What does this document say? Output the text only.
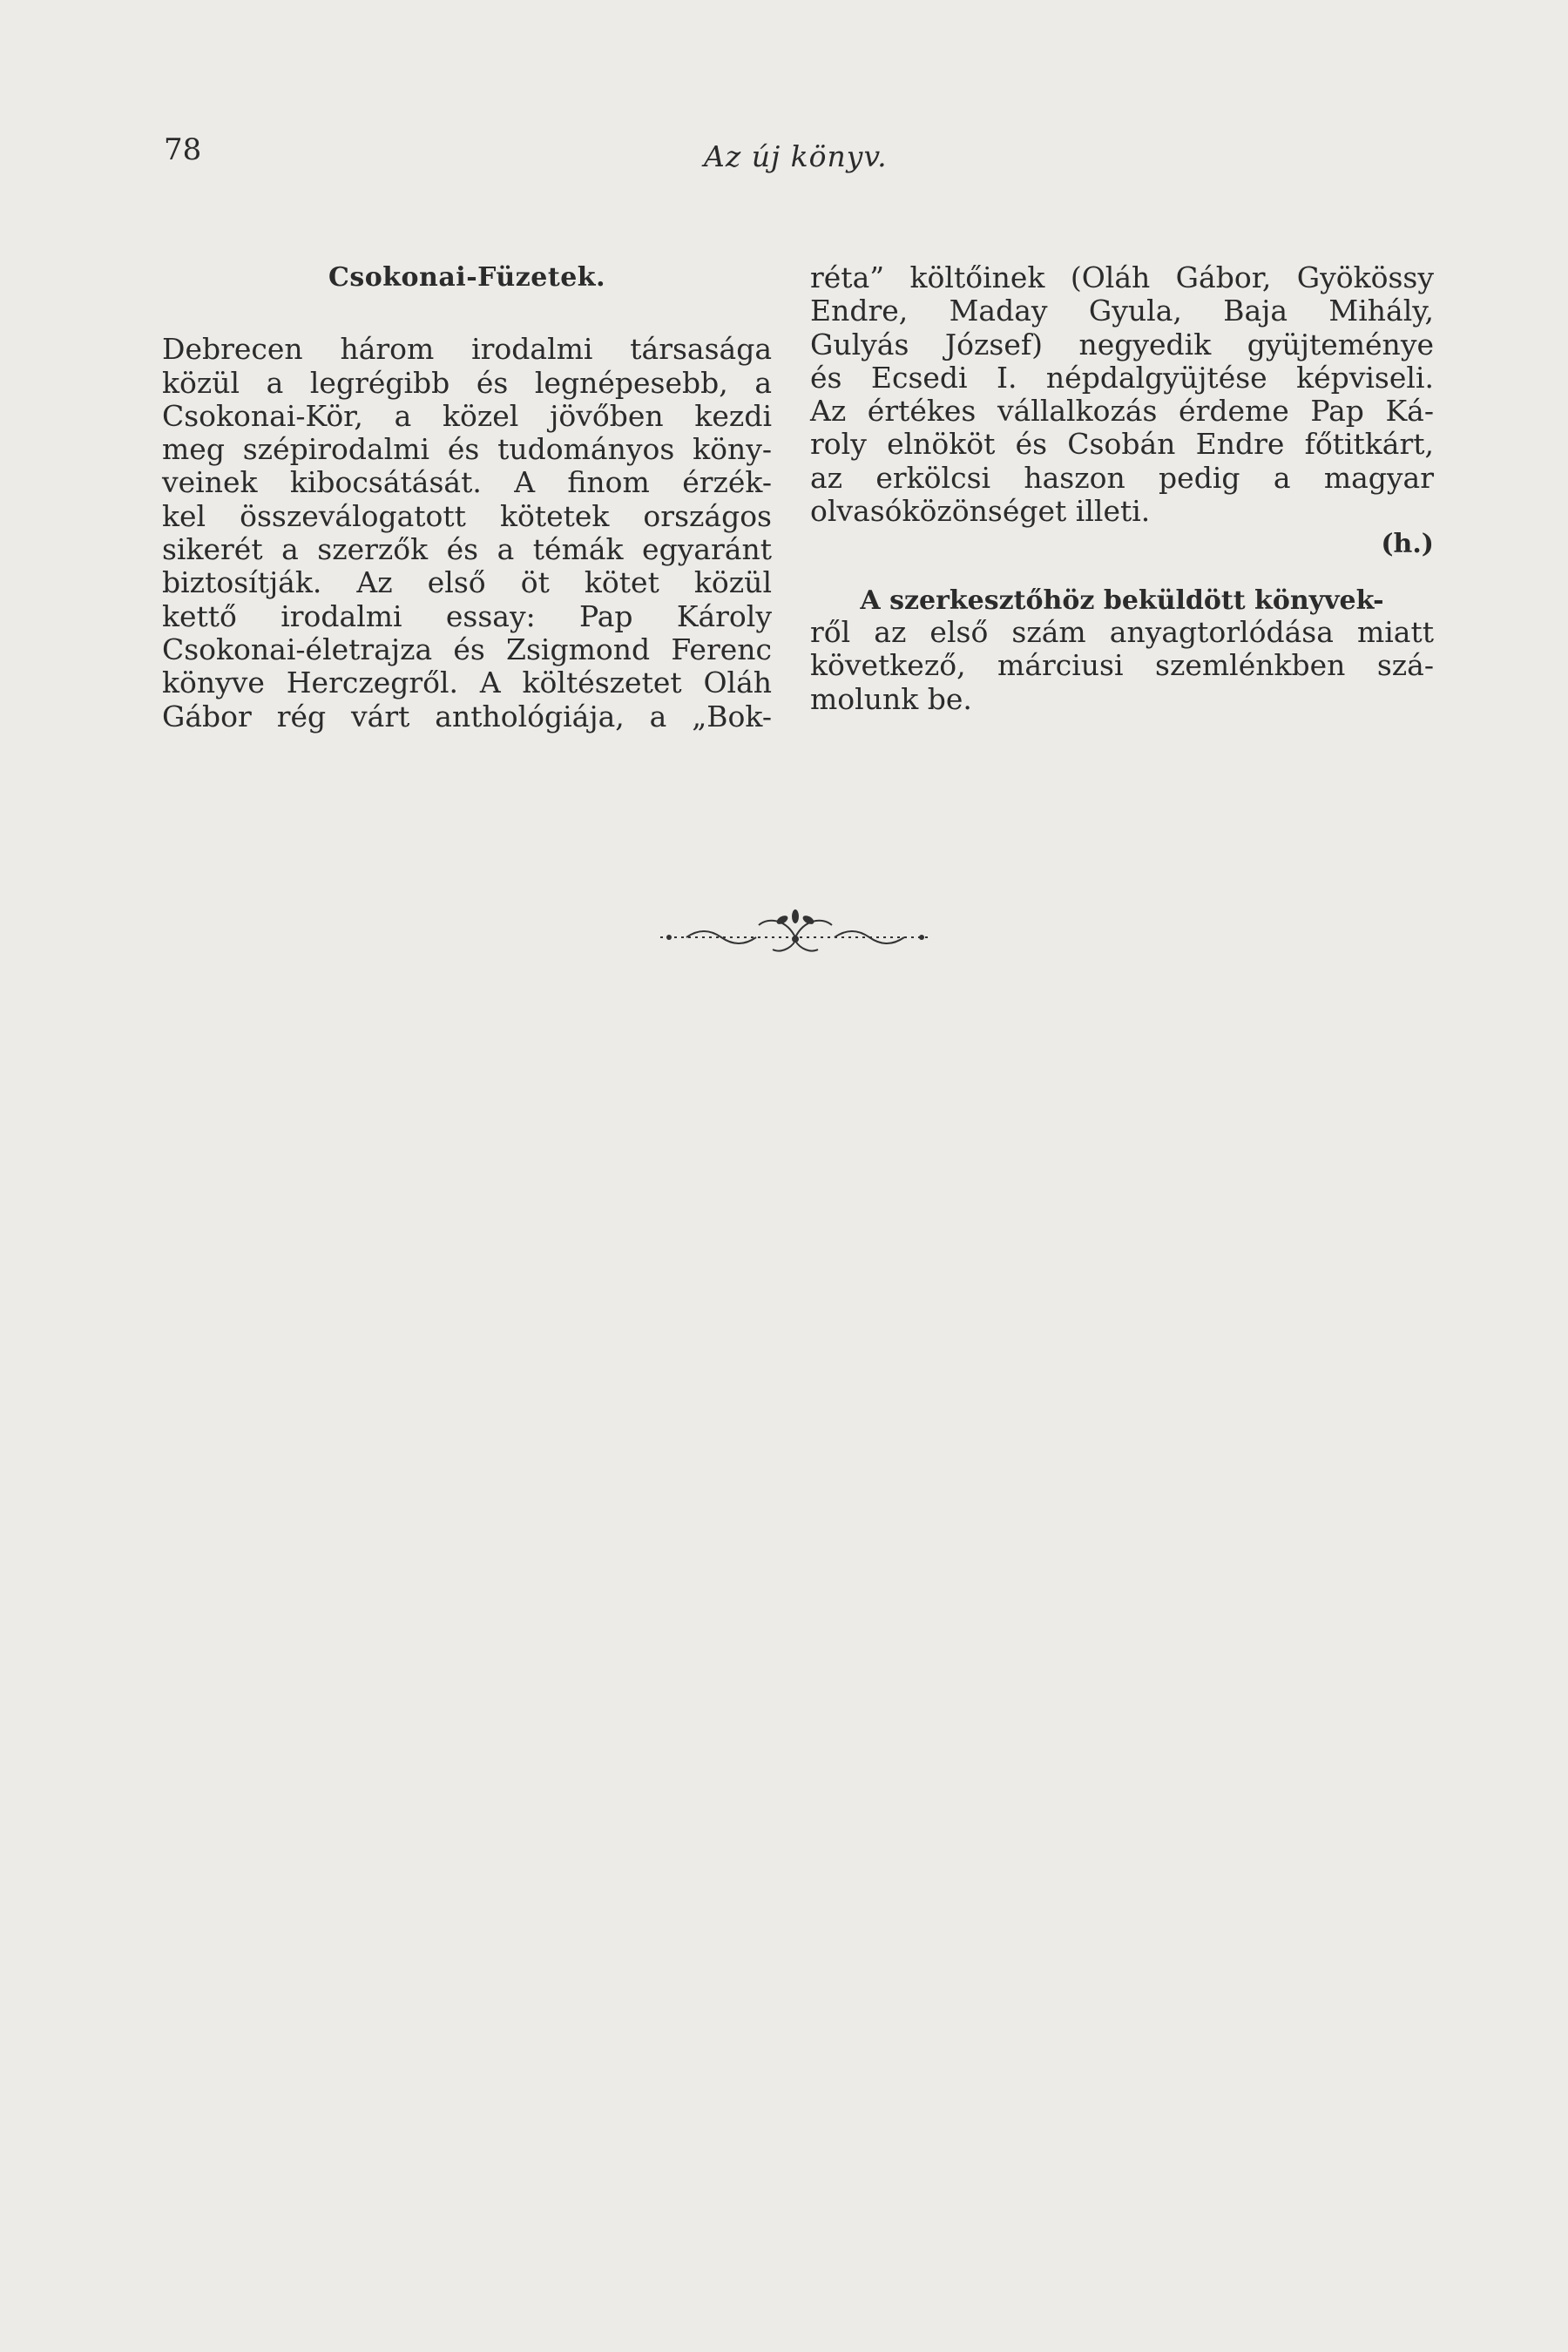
78	Az új könyv.
Csokonai-Füzetek.
Debrecen három irodalmi társasága
közül a legrégibb és legnépesebb, a
Csokonai-Kör, a közel jövőben kezdi
meg szépirodalmi és tudományos köny-
veinek kibocsátását. A finom érzék-
kel összeválogatott kötetek országos
sikerét a szerzők és a témák egyaránt
biztosítják. Az első öt kötet közül
kettő irodalmi essay: Pap Károly
Csokonai-életrajza és Zsigmond Ferenc
könyve Herczegről. A költészetet Oláh
Gábor rég várt anthológiája, a „Bok-
réta” költőinek (Oláh Gábor, Gyökössy
Endre, Maday Gyula, Baja Mihály,
Gulyás József) negyedik gyüjteménye
és Ecsedi I. népdalgyüjtése képviseli.
Az értékes vállalkozás érdeme Pap Ká-
roly elnököt és Csobán Endre főtitkárt,
az erkölcsi haszon pedig a magyar
olvasóközönséget illeti.
(h.)
A szerkesztőhöz beküldött könyvek-
ről az első szám anyagtorlódása miatt
következő, márciusi szemlénkben szá-
molunk be.
